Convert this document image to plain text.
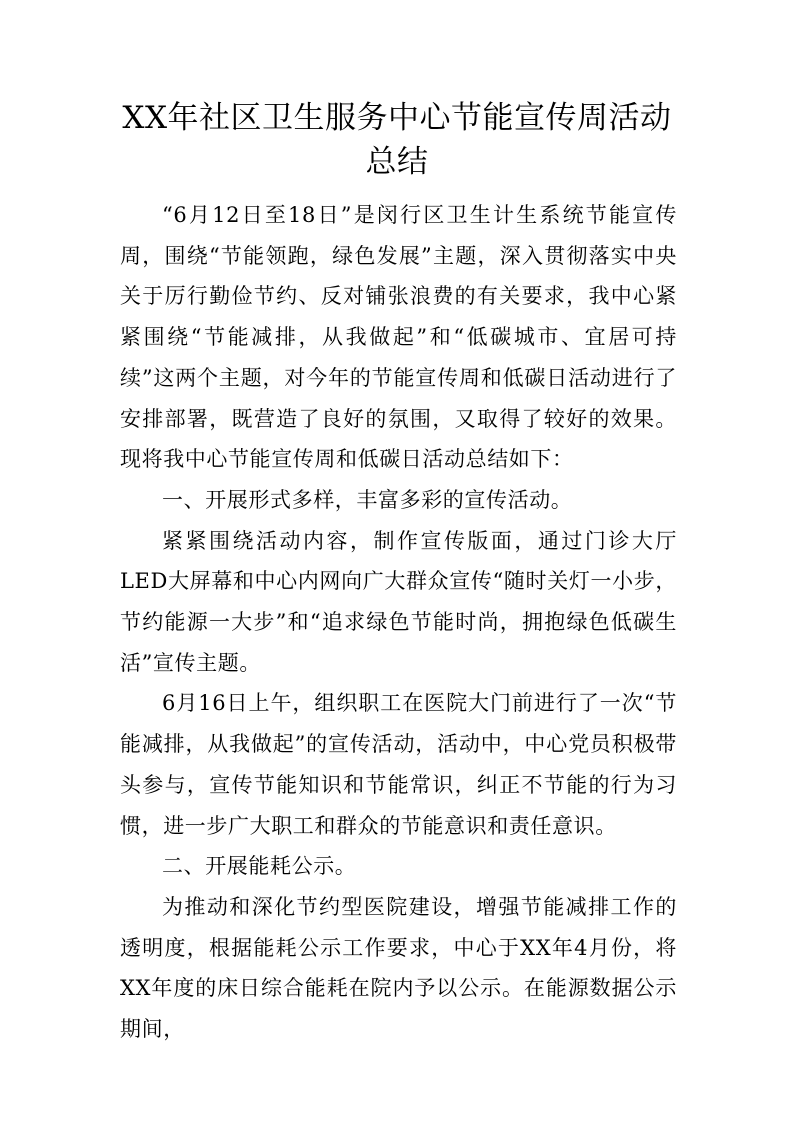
XX年社区卫生服务中心节能宣传周活动总结

“6月12日至18日”是闵行区卫生计生系统节能宣传周，围绕“节能领跑，绿色发展”主题，深入贯彻落实中央关于厉行勤俭节约、反对铺张浪费的有关要求，我中心紧紧围绕“节能减排，从我做起”和“低碳城市、宜居可持续”这两个主题，对今年的节能宣传周和低碳日活动进行了安排部署，既营造了良好的氛围，又取得了较好的效果。现将我中心节能宣传周和低碳日活动总结如下：

一、开展形式多样，丰富多彩的宣传活动。

紧紧围绕活动内容，制作宣传版面，通过门诊大厅LED大屏幕和中心内网向广大群众宣传“随时关灯一小步，节约能源一大步”和“追求绿色节能时尚，拥抱绿色低碳生活”宣传主题。

6月16日上午，组织职工在医院大门前进行了一次“节能减排，从我做起”的宣传活动，活动中，中心党员积极带头参与，宣传节能知识和节能常识，纠正不节能的行为习惯，进一步广大职工和群众的节能意识和责任意识。

二、开展能耗公示。

为推动和深化节约型医院建设，增强节能减排工作的透明度，根据能耗公示工作要求，中心于XX年4月份，将XX年度的床日综合能耗在院内予以公示。在能源数据公示期间，
